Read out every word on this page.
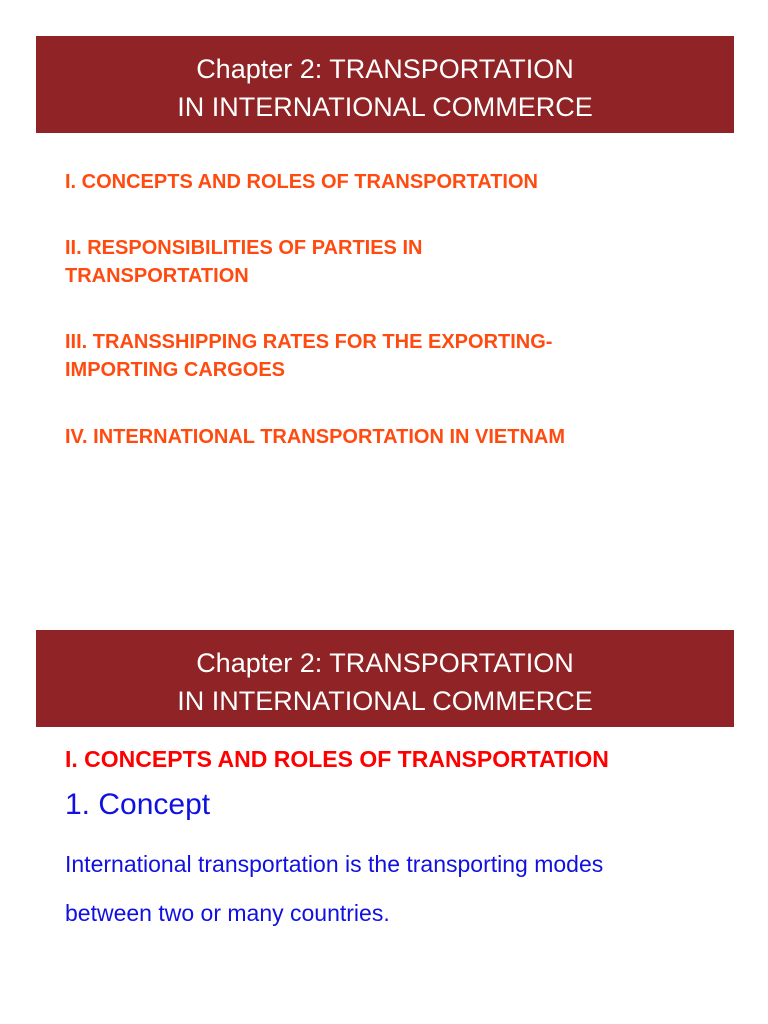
Chapter 2: TRANSPORTATION
IN INTERNATIONAL COMMERCE
I. CONCEPTS AND ROLES OF TRANSPORTATION
II. RESPONSIBILITIES OF PARTIES IN
TRANSPORTATION
III. TRANSSHIPPING RATES FOR THE EXPORTING-
IMPORTING CARGOES
IV. INTERNATIONAL TRANSPORTATION IN VIETNAM
Chapter 2: TRANSPORTATION
IN INTERNATIONAL COMMERCE
I. CONCEPTS AND ROLES OF TRANSPORTATION
1. Concept
International transportation is the transporting modes
between two or many countries.
